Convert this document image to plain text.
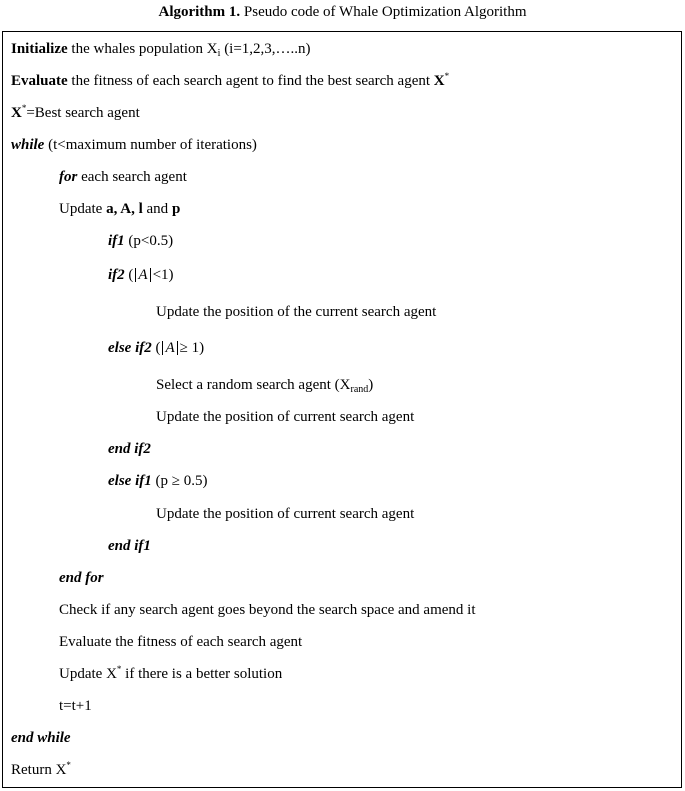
Algorithm 1. Pseudo code of Whale Optimization Algorithm
Initialize the whales population $X_i$ (i=1,2,3,…..n)
Evaluate the fitness of each search agent to find the best search agent X*
X*=Best search agent
while (t<maximum number of iterations)
for each search agent
Update a, A, l and p
if1 (p<0.5)
if2 ( A <1)
Update the position of the current search agent
else if2 ( A ≥ 1)
Select a random search agent $(X_{rand})$
Update the position of current search agent
end if2
else if1 (p ≥ 0.5)
Update the position of current search agent
end if1
end for
Check if any search agent goes beyond the search space and amend it
Evaluate the fitness of each search agent
Update X* if there is a better solution
t=t+1
end while
Return X*
